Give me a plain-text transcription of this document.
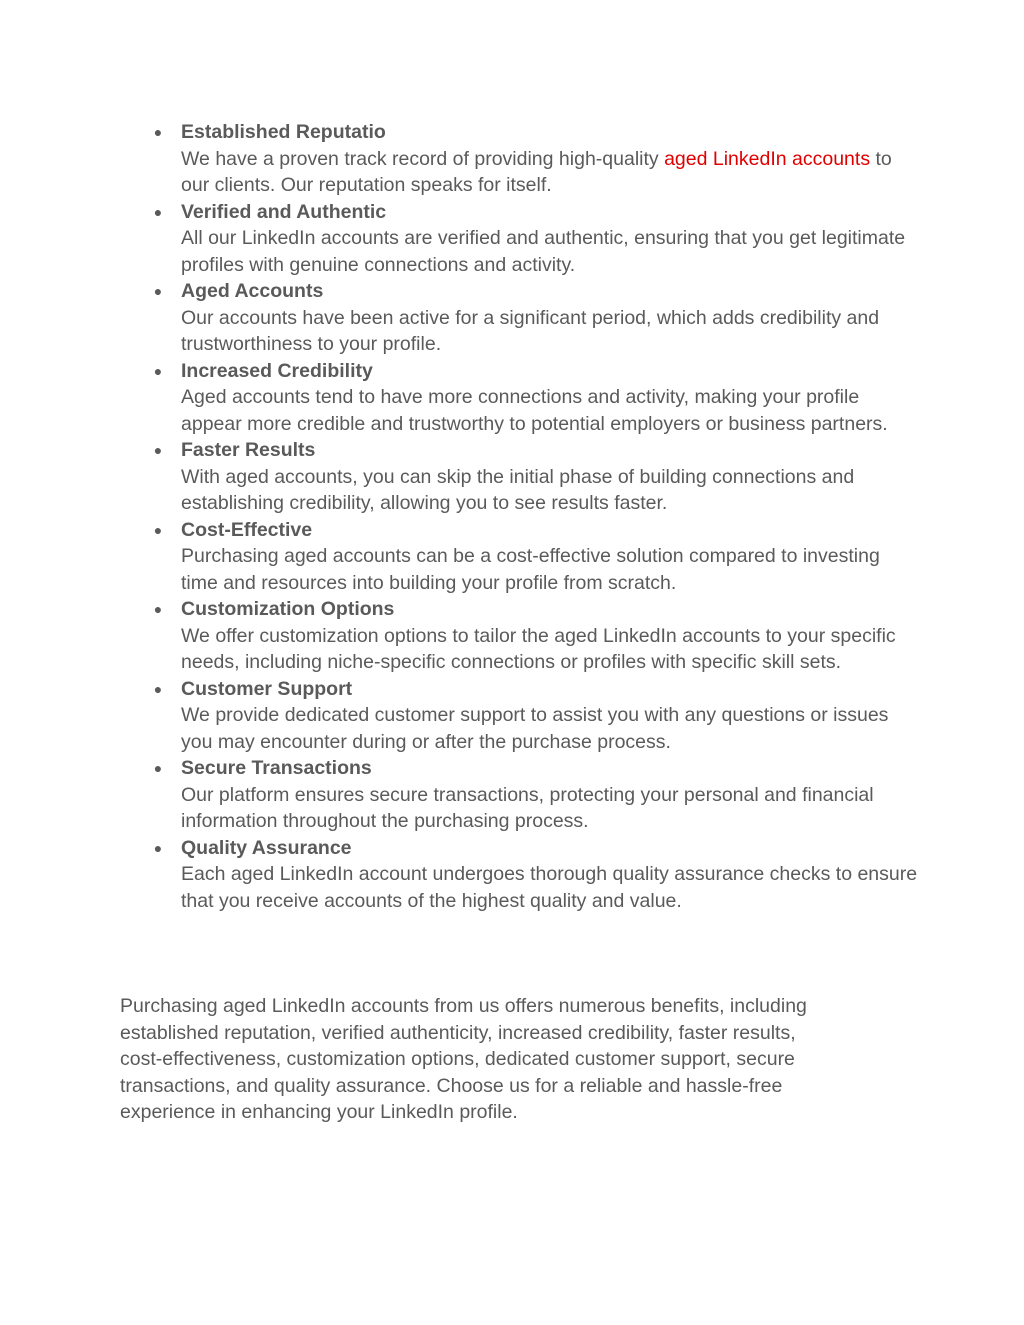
● Established Reputatio
We have a proven track record of providing high-quality aged LinkedIn accounts to our clients. Our reputation speaks for itself.
● Verified and Authentic
All our LinkedIn accounts are verified and authentic, ensuring that you get legitimate profiles with genuine connections and activity.
● Aged Accounts
Our accounts have been active for a significant period, which adds credibility and trustworthiness to your profile.
● Increased Credibility
Aged accounts tend to have more connections and activity, making your profile appear more credible and trustworthy to potential employers or business partners.
● Faster Results
With aged accounts, you can skip the initial phase of building connections and establishing credibility, allowing you to see results faster.
● Cost-Effective
Purchasing aged accounts can be a cost-effective solution compared to investing time and resources into building your profile from scratch.
● Customization Options
We offer customization options to tailor the aged LinkedIn accounts to your specific needs, including niche-specific connections or profiles with specific skill sets.
● Customer Support
We provide dedicated customer support to assist you with any questions or issues you may encounter during or after the purchase process.
● Secure Transactions
Our platform ensures secure transactions, protecting your personal and financial information throughout the purchasing process.
● Quality Assurance
Each aged LinkedIn account undergoes thorough quality assurance checks to ensure that you receive accounts of the highest quality and value.

Purchasing aged LinkedIn accounts from us offers numerous benefits, including established reputation, verified authenticity, increased credibility, faster results, cost-effectiveness, customization options, dedicated customer support, secure transactions, and quality assurance. Choose us for a reliable and hassle-free experience in enhancing your LinkedIn profile.
